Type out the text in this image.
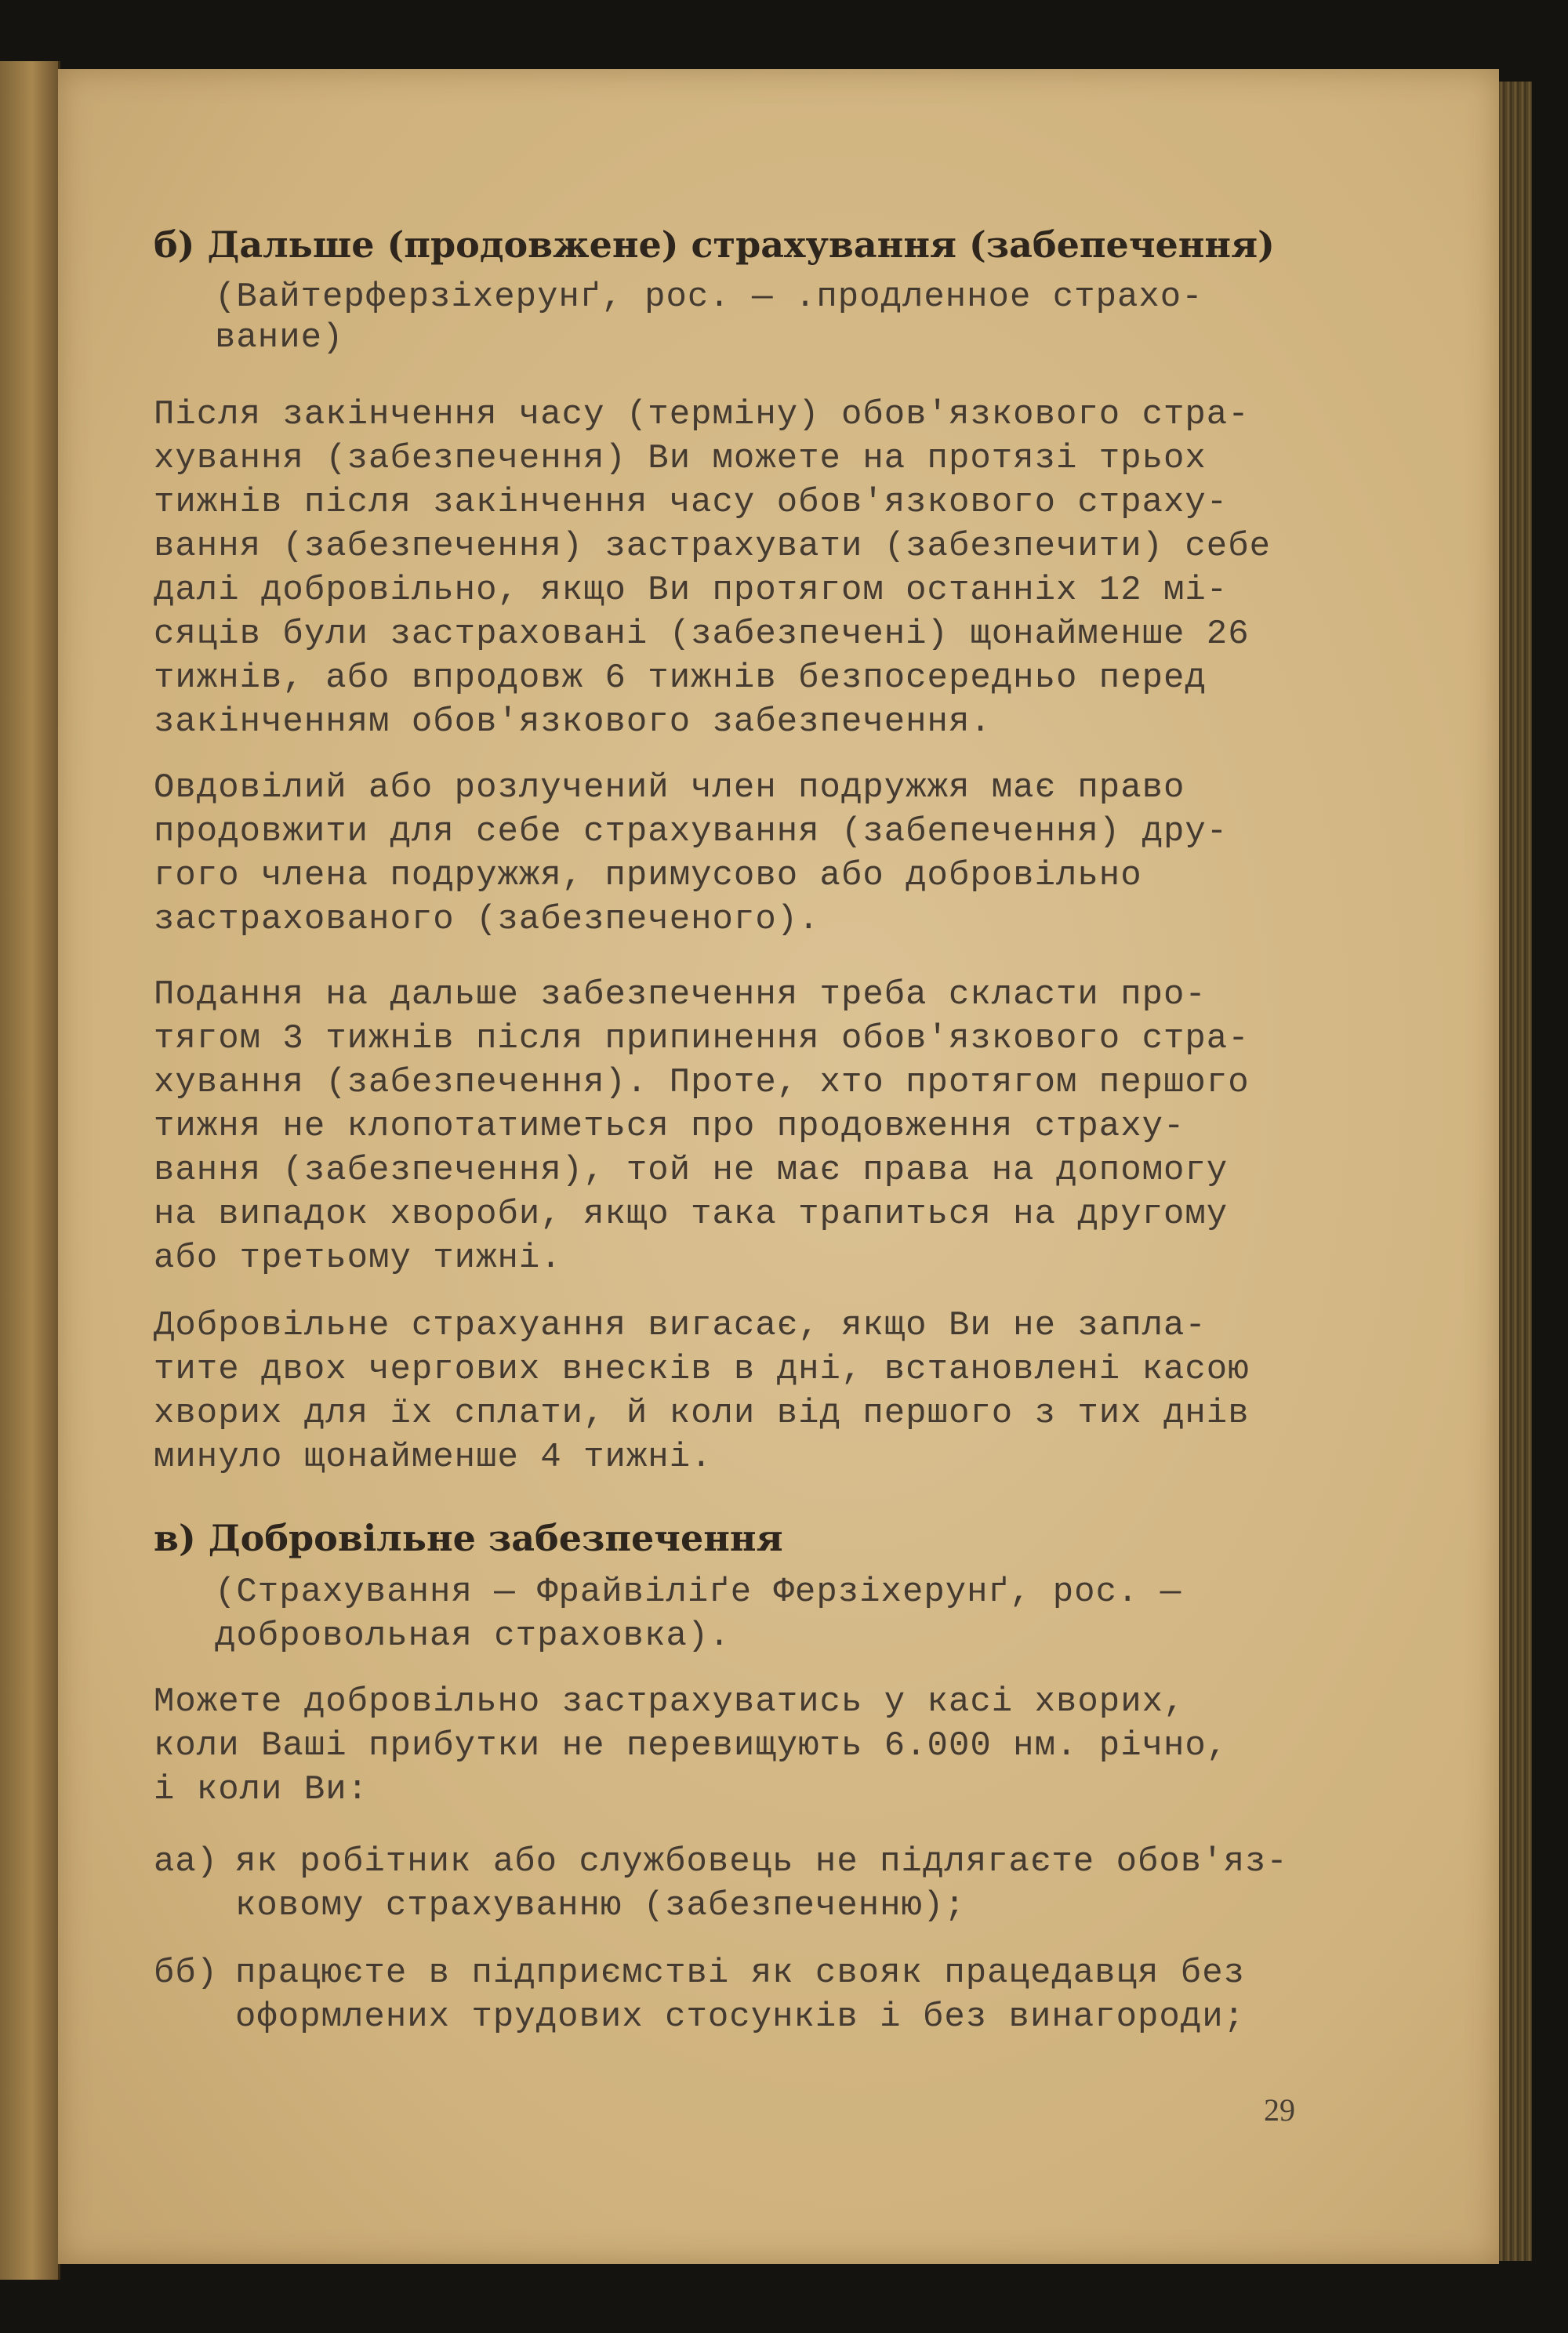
б) Дальше (продовжене) страхування (забепечення)
(Вайтерферзіхерунґ, рос. — .продленное страхо-
вание)
Після закінчення часу (терміну) обов'язкового стра-
хування (забезпечення) Ви можете на протязі трьох
тижнів після закінчення часу обов'язкового страху-
вання (забезпечення) застрахувати (забезпечити) себе
далі добровільно, якщо Ви протягом останніх 12 мі-
сяців були застраховані (забезпечені) щонайменше 26
тижнів, або впродовж 6 тижнів безпосередньо перед
закінченням обов'язкового забезпечення.
Овдовілий або розлучений член подружжя має право
продовжити для себе страхування (забепечення) дру-
гого члена подружжя, примусово або добровільно
застрахованого (забезпеченого).
Подання на дальше забезпечення треба скласти про-
тягом 3 тижнів після припинення обов'язкового стра-
хування (забезпечення). Проте, хто протягом першого
тижня не клопотатиметься про продовження страху-
вання (забезпечення), той не має права на допомогу
на випадок хвороби, якщо така трапиться на другому
або третьому тижні.
Добровільне страхуання вигасає, якщо Ви не запла-
тите двох чергових внесків в дні, встановлені касою
хворих для їх сплати, й коли від першого з тих днів
минуло щонайменше 4 тижні.
в) Добровільне забезпечення
(Страхування — Фрайвіліґе Ферзіхерунґ, рос. —
добровольная страховка).
Можете добровільно застрахуватись у касі хворих,
коли Ваші прибутки не перевищують 6.000 нм. річно,
і коли Ви:
аа) як робітник або службовець не підлягаєте обов'яз-
ковому страхуванню (забезпеченню);
бб) працюєте в підприємстві як свояк працедавця без
оформлених трудових стосунків і без винагороди;
29
